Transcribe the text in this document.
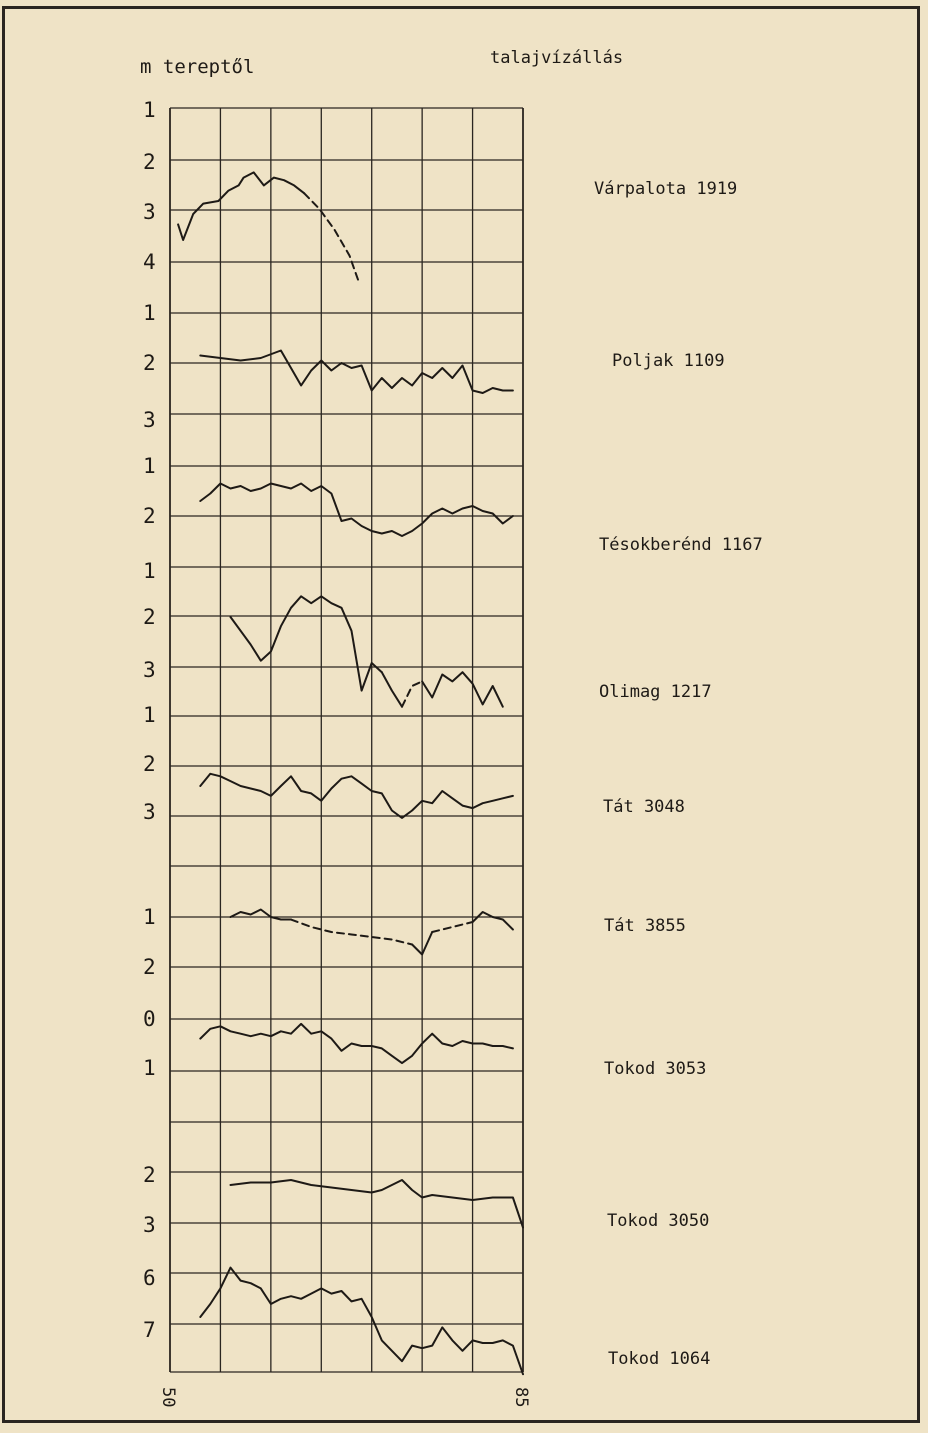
m tereptől	talajvízállás
50	85
1
2
3
4
Várpalota 1919
1
2
3
Poljak 1109
1
2
Tésokberénd 1167
1
2
3
Olimag 1217
1
2
3	Tát 3048
1
2
Tát 3855
0
1	Tokod 3053
2
3	Tokod 3050
6
7
Tokod 1064
